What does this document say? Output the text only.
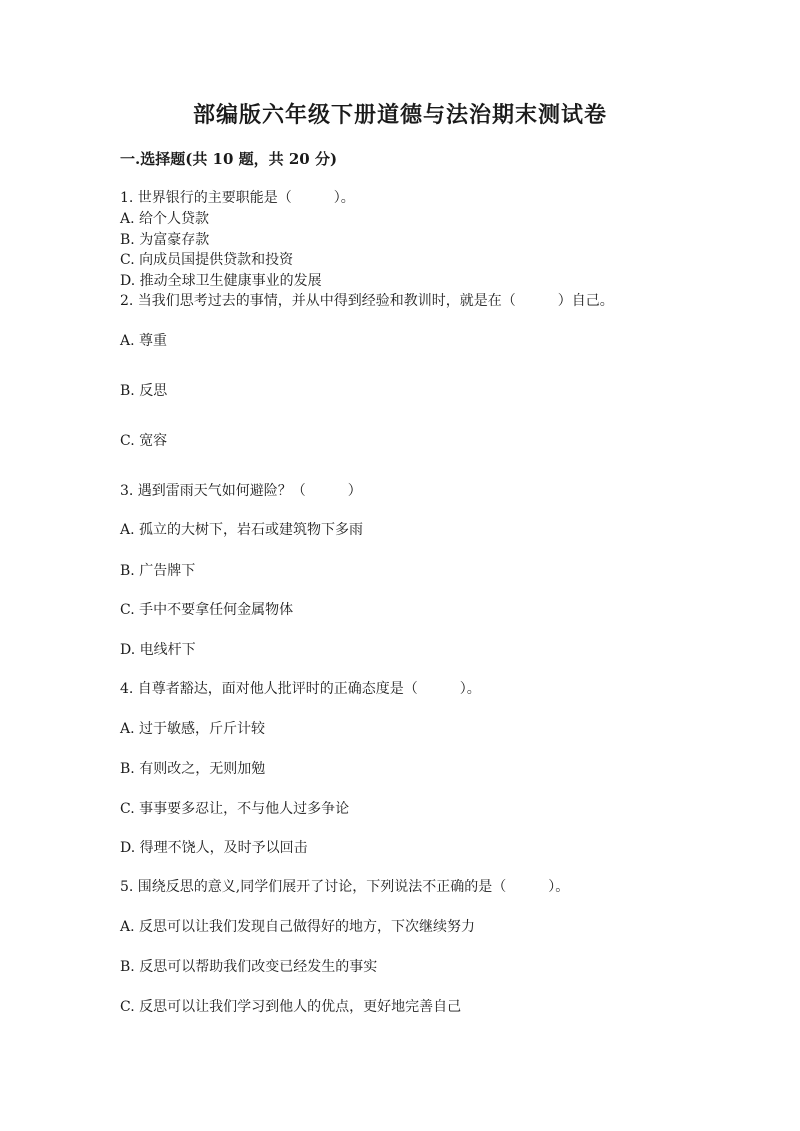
部编版六年级下册道德与法治期末测试卷
一.选择题(共 10 题，共 20 分)

1. 世界银行的主要职能是（　　　）。

A. 给个人贷款

B. 为富豪存款

C. 向成员国提供贷款和投资

D. 推动全球卫生健康事业的发展

2. 当我们思考过去的事情，并从中得到经验和教训时，就是在（　　　）自己。

A. 尊重

B. 反思

C. 宽容

3. 遇到雷雨天气如何避险？（　　　）

A. 孤立的大树下，岩石或建筑物下多雨

B. 广告牌下

C. 手中不要拿任何金属物体

D. 电线杆下

4. 自尊者豁达，面对他人批评时的正确态度是（　　　）。

A. 过于敏感，斤斤计较

B. 有则改之，无则加勉

C. 事事要多忍让，不与他人过多争论

D. 得理不饶人，及时予以回击

5. 围绕反思的意义,同学们展开了讨论，下列说法不正确的是（　　　）。

A. 反思可以让我们发现自己做得好的地方，下次继续努力

B. 反思可以帮助我们改变已经发生的事实

C. 反思可以让我们学习到他人的优点，更好地完善自己
